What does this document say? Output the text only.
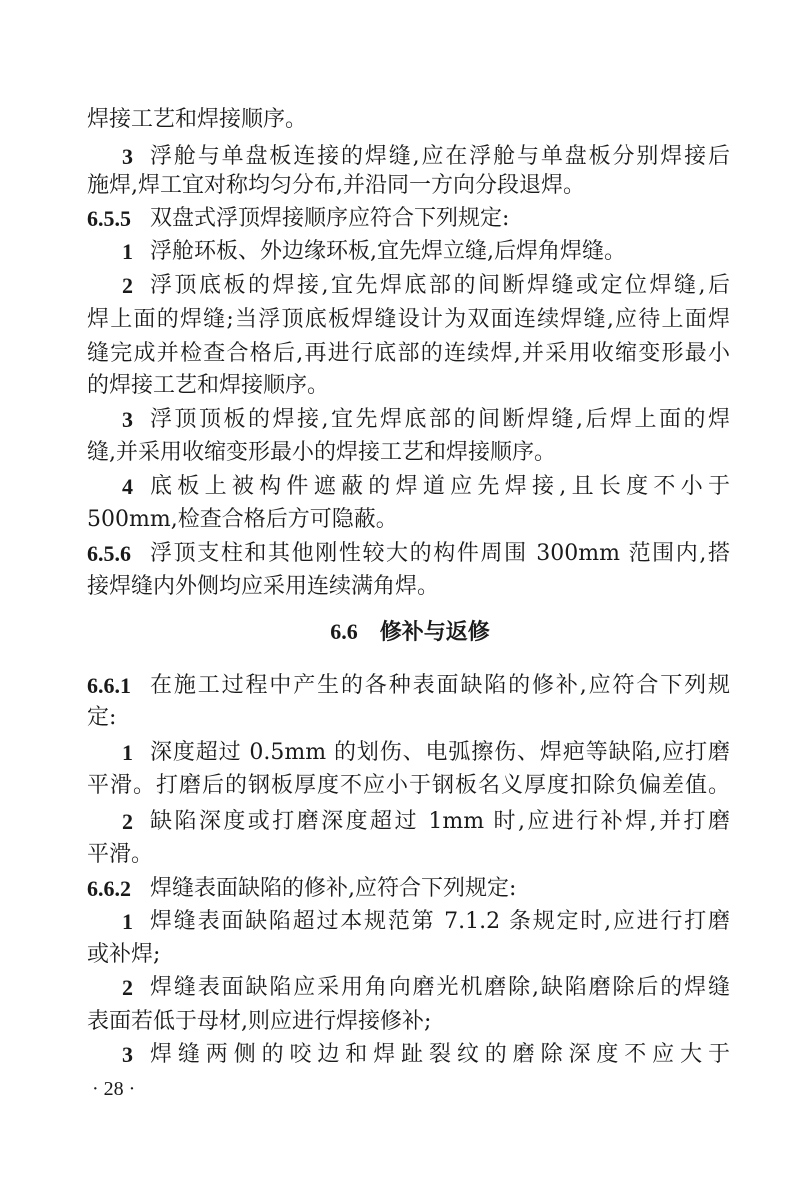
焊接工艺和焊接顺序。
3 浮舱与单盘板连接的焊缝,应在浮舱与单盘板分别焊接后
施焊,焊工宜对称均匀分布,并沿同一方向分段退焊。
6.5.5 双盘式浮顶焊接顺序应符合下列规定:
1 浮舱环板、外边缘环板,宜先焊立缝,后焊角焊缝。
2 浮顶底板的焊接,宜先焊底部的间断焊缝或定位焊缝,后
焊上面的焊缝;当浮顶底板焊缝设计为双面连续焊缝,应待上面焊
缝完成并检查合格后,再进行底部的连续焊,并采用收缩变形最小
的焊接工艺和焊接顺序。
3 浮顶顶板的焊接,宜先焊底部的间断焊缝,后焊上面的焊
缝,并采用收缩变形最小的焊接工艺和焊接顺序。
4 底板上被构件遮蔽的焊道应先焊接,且长度不小于
500mm,检查合格后方可隐蔽。
6.5.6 浮顶支柱和其他刚性较大的构件周围 300mm 范围内,搭
接焊缝内外侧均应采用连续满角焊。
6.6 修补与返修
6.6.1 在施工过程中产生的各种表面缺陷的修补,应符合下列规
定:
1 深度超过 0.5mm 的划伤、电弧擦伤、焊疤等缺陷,应打磨
平滑。打磨后的钢板厚度不应小于钢板名义厚度扣除负偏差值。
2 缺陷深度或打磨深度超过 1mm 时,应进行补焊,并打磨
平滑。
6.6.2 焊缝表面缺陷的修补,应符合下列规定:
1 焊缝表面缺陷超过本规范第 7.1.2 条规定时,应进行打磨
或补焊;
2 焊缝表面缺陷应采用角向磨光机磨除,缺陷磨除后的焊缝
表面若低于母材,则应进行焊接修补;
3 焊缝两侧的咬边和焊趾裂纹的磨除深度不应大于
· 28 ·
